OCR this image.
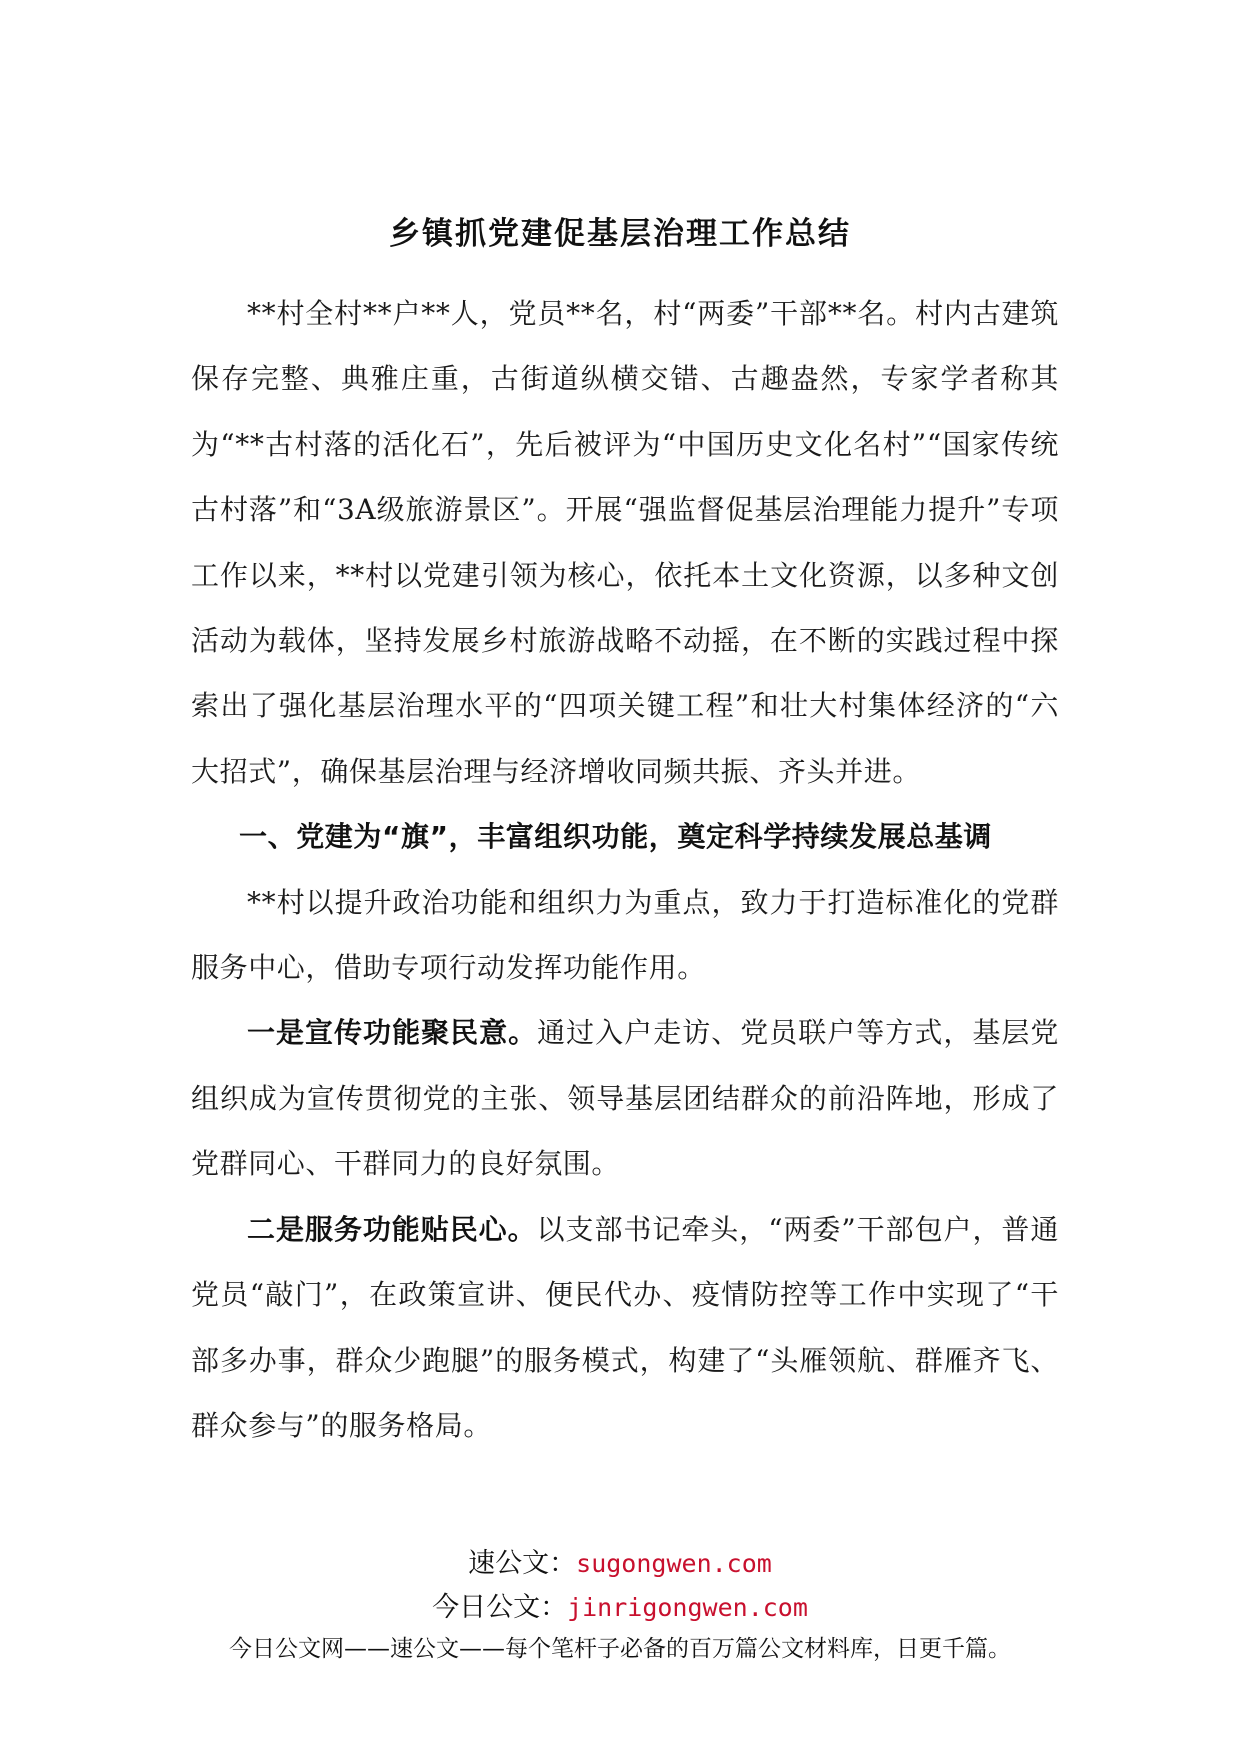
乡镇抓党建促基层治理工作总结

**村全村**户**人，党员**名，村“两委”干部**名。村内古建筑保存完整、典雅庄重，古街道纵横交错、古趣盎然，专家学者称其为“**古村落的活化石”，先后被评为“中国历史文化名村”“国家传统古村落”和“3A级旅游景区”。开展“强监督促基层治理能力提升”专项工作以来，**村以党建引领为核心，依托本土文化资源，以多种文创活动为载体，坚持发展乡村旅游战略不动摇，在不断的实践过程中探索出了强化基层治理水平的“四项关键工程”和壮大村集体经济的“六大招式”，确保基层治理与经济增收同频共振、齐头并进。

一、党建为“旗”，丰富组织功能，奠定科学持续发展总基调

**村以提升政治功能和组织力为重点，致力于打造标准化的党群服务中心，借助专项行动发挥功能作用。

一是宣传功能聚民意。通过入户走访、党员联户等方式，基层党组织成为宣传贯彻党的主张、领导基层团结群众的前沿阵地，形成了党群同心、干群同力的良好氛围。

二是服务功能贴民心。以支部书记牵头，“两委”干部包户，普通党员“敲门”，在政策宣讲、便民代办、疫情防控等工作中实现了“干部多办事，群众少跑腿”的服务模式，构建了“头雁领航、群雁齐飞、群众参与”的服务格局。

速公文：sugongwen.com

今日公文：jinrigongwen.com

今日公文网——速公文——每个笔杆子必备的百万篇公文材料库，日更千篇。
